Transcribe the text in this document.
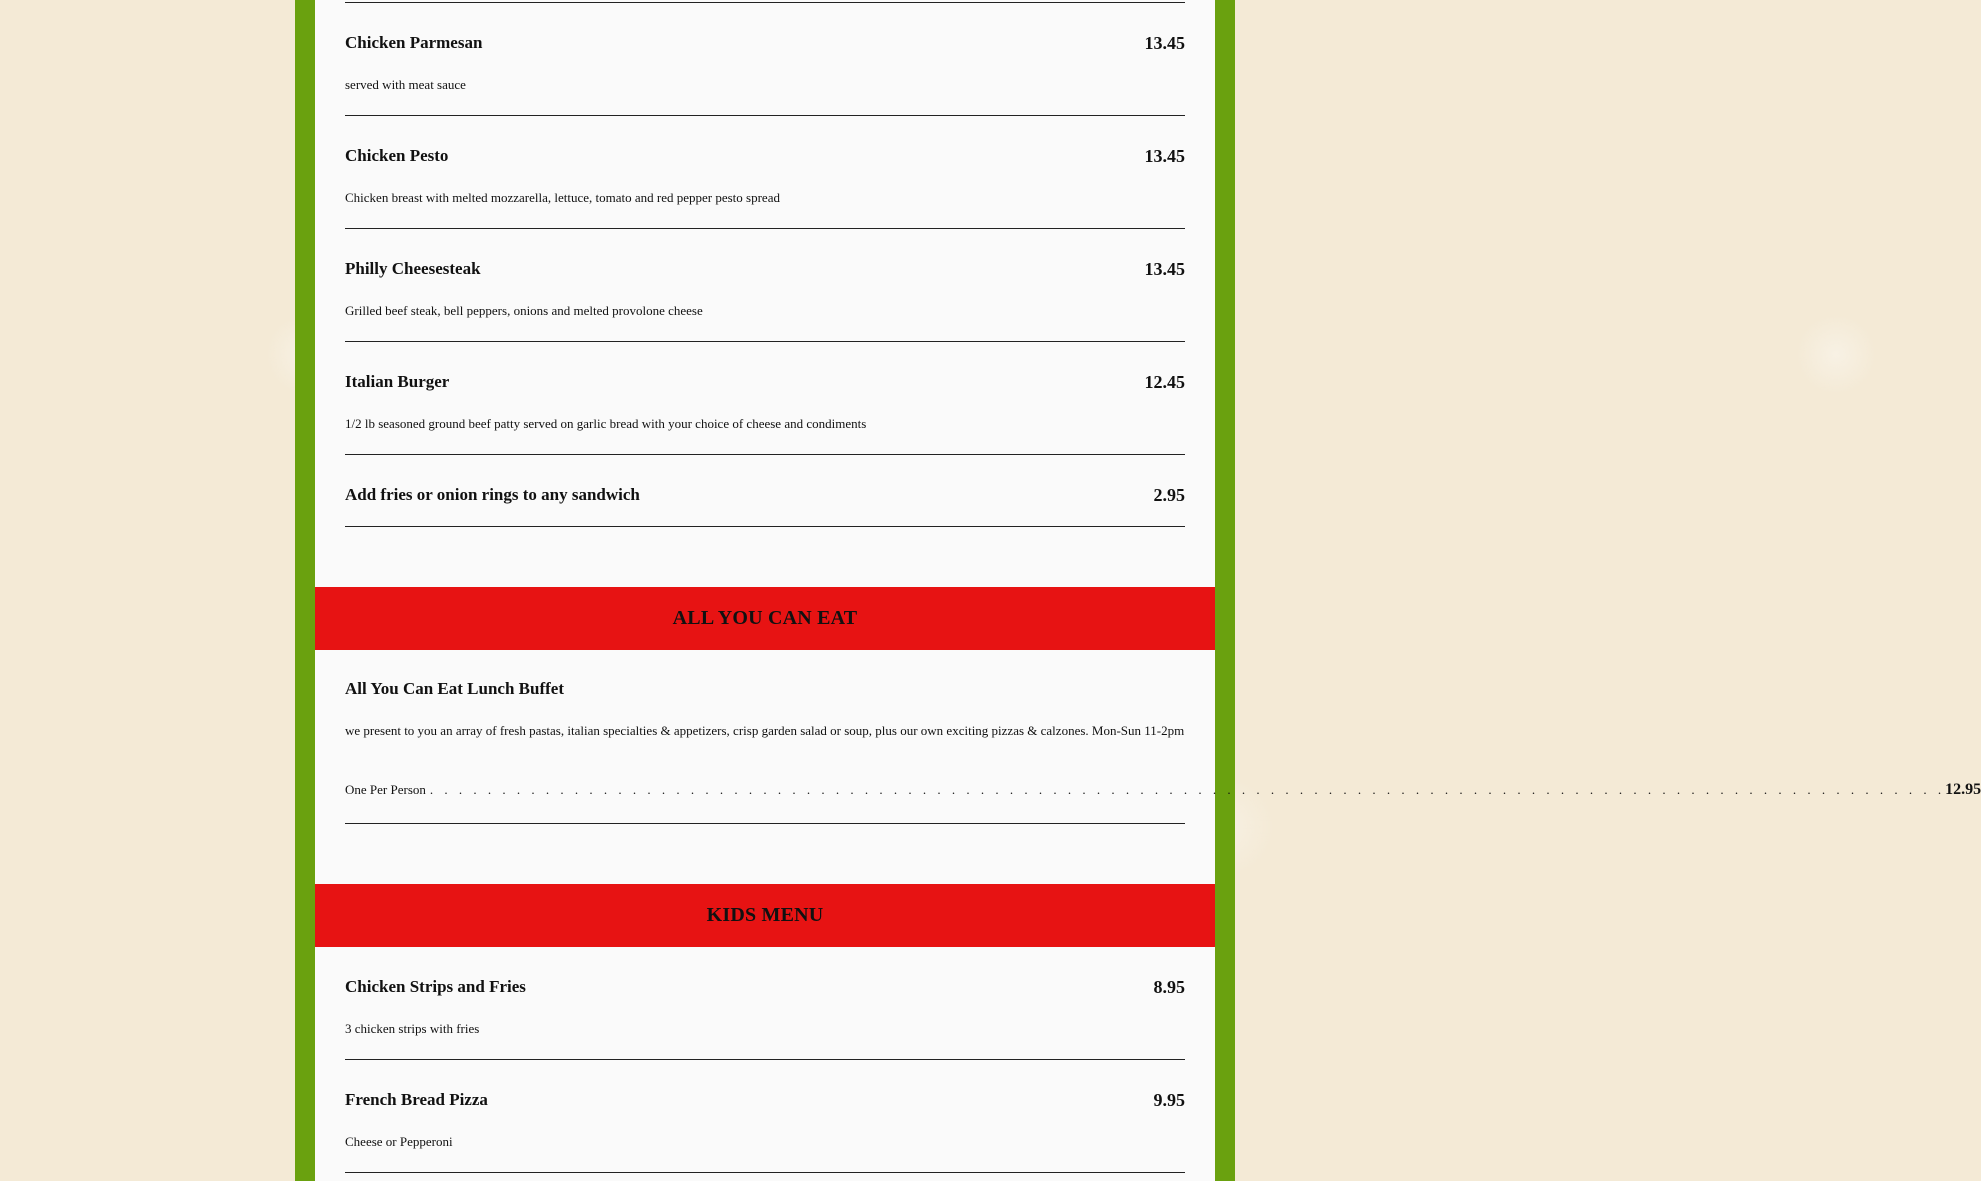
Chicken Parmesan	13.45
served with meat sauce
Chicken Pesto	13.45
Chicken breast with melted mozzarella, lettuce, tomato and red pepper pesto spread
Philly Cheesesteak	13.45
Grilled beef steak, bell peppers, onions and melted provolone cheese
Italian Burger	12.45
1/2 lb seasoned ground beef patty served on garlic bread with your choice of cheese and condiments
Add fries or onion rings to any sandwich	2.95
ALL YOU CAN EAT
All You Can Eat Lunch Buffet
we present to you an array of fresh pastas, italian specialties & appetizers, crisp garden salad or soup, plus our own exciting pizzas & calzones. Mon-Sun 11-2pm
One Per Person . . . . . . . . . . . . . . . . . . . . . . . . . . . . . . . . . . . . . . . . . . . . . . . . . . . . . . . . . . . . . . . . . . . . . . . . . . . . . . . . . . . . . . . . . . . . . . . . . . . . . . . . . 12.95
KIDS MENU
Chicken Strips and Fries	8.95
3 chicken strips with fries
French Bread Pizza	9.95
Cheese or Pepperoni
